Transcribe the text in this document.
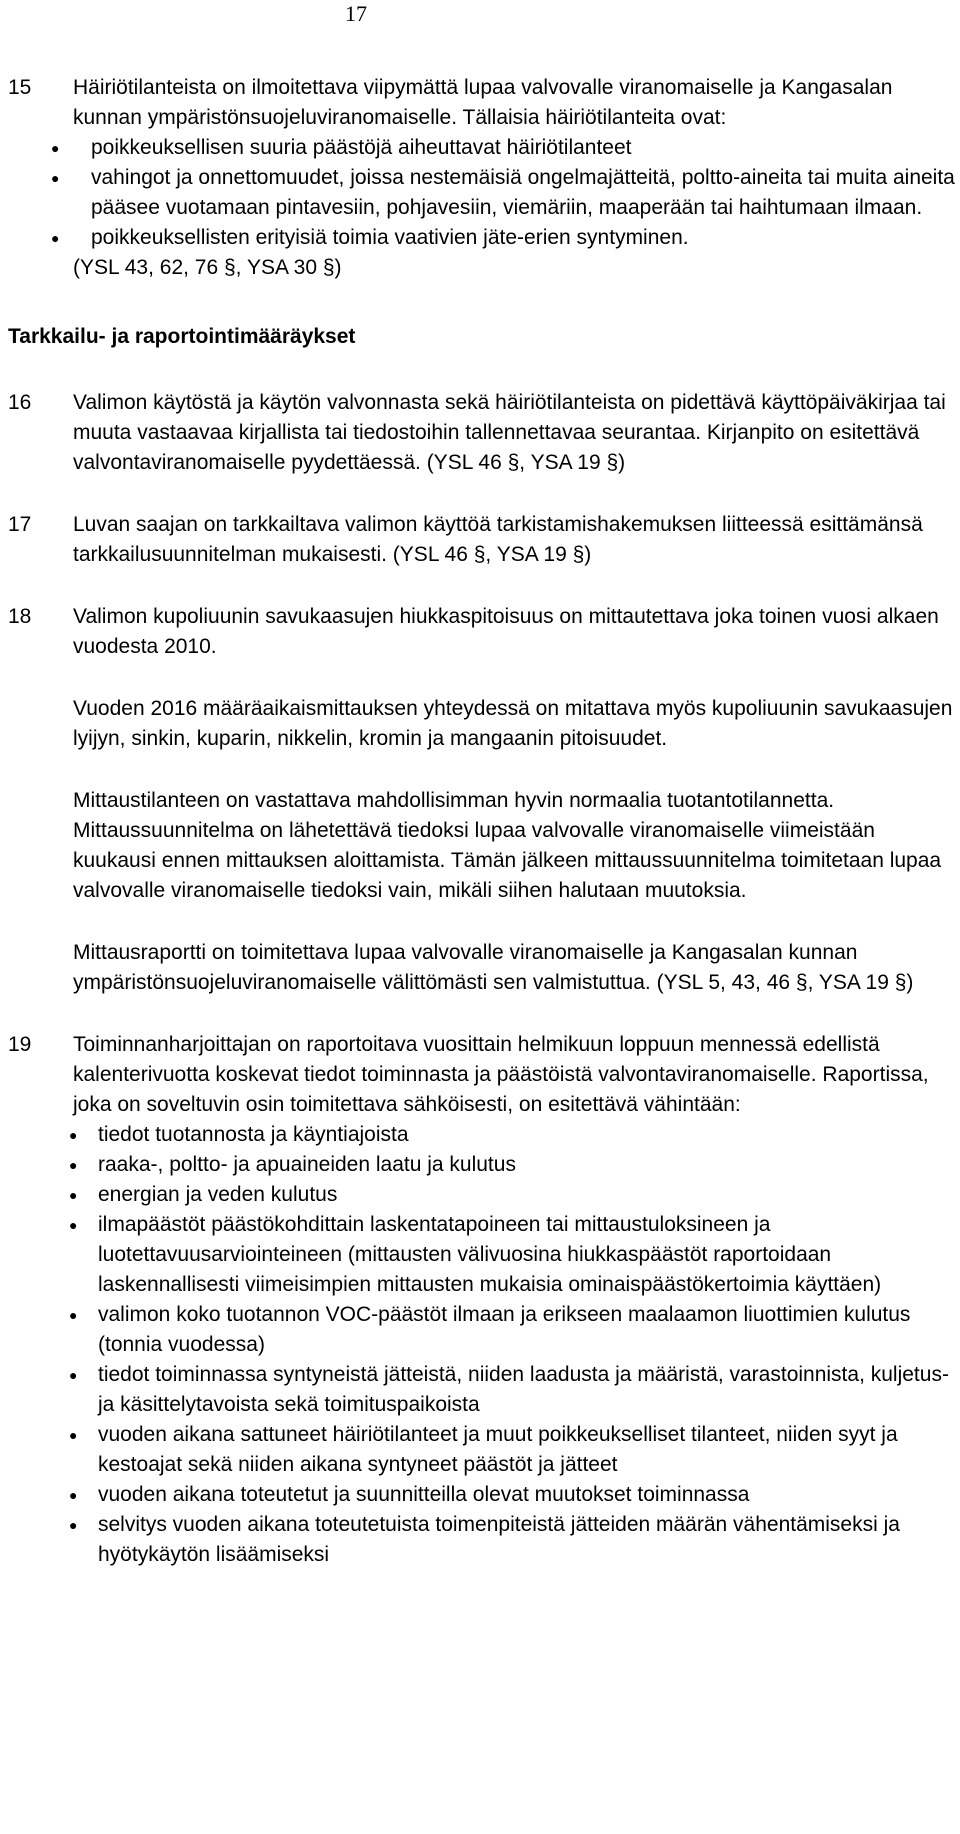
17
15 Häiriötilanteista on ilmoitettava viipymättä lupaa valvovalle viranomaiselle ja Kangasalan kunnan ympäristönsuojeluviranomaiselle. Tällaisia häiriötilanteita ovat:

● poikkeuksellisen suuria päästöjä aiheuttavat häiriötilanteet
● vahingot ja onnettomuudet, joissa nestemäisiä ongelmajätteitä, poltto-aineita tai muita aineita pääsee vuotamaan pintavesiin, pohjavesiin, viemäriin, maaperään tai haihtumaan ilmaan.
● poikkeuksellisten erityisiä toimia vaativien jäte-erien syntyminen.

(YSL 43, 62, 76 §, YSA 30 §)

Tarkkailu- ja raportointimääräykset

16 Valimon käytöstä ja käytön valvonnasta sekä häiriötilanteista on pidettävä käyttöpäiväkirjaa tai muuta vastaavaa kirjallista tai tiedostoihin tallennettavaa seurantaa. Kirjanpito on esitettävä valvontaviranomaiselle pyydettäessä. (YSL 46 §, YSA 19 §)

17 Luvan saajan on tarkkailtava valimon käyttöä tarkistamishakemuksen liitteessä esittämänsä tarkkailusuunnitelman mukaisesti. (YSL 46 §, YSA 19 §)

18 Valimon kupoliuunin savukaasujen hiukkaspitoisuus on mittautettava joka toinen vuosi alkaen vuodesta 2010.

Vuoden 2016 määräaikaismittauksen yhteydessä on mitattava myös kupoliuunin savukaasujen lyijyn, sinkin, kuparin, nikkelin, kromin ja mangaanin pitoisuudet.

Mittaustilanteen on vastattava mahdollisimman hyvin normaalia tuotantotilannetta. Mittaussuunnitelma on lähetettävä tiedoksi lupaa valvovalle viranomaiselle viimeistään kuukausi ennen mittauksen aloittamista. Tämän jälkeen mittaussuunnitelma toimitetaan lupaa valvovalle viranomaiselle tiedoksi vain, mikäli siihen halutaan muutoksia.

Mittausraportti on toimitettava lupaa valvovalle viranomaiselle ja Kangasalan kunnan ympäristönsuojeluviranomaiselle välittömästi sen valmistuttua. (YSL 5, 43, 46 §, YSA 19 §)

19 Toiminnanharjoittajan on raportoitava vuosittain helmikuun loppuun mennessä edellistä kalenterivuotta koskevat tiedot toiminnasta ja päästöistä valvontaviranomaiselle. Raportissa, joka on soveltuvin osin toimitettava sähköisesti, on esitettävä vähintään:

● tiedot tuotannosta ja käyntiajoista
● raaka-, poltto- ja apuaineiden laatu ja kulutus
● energian ja veden kulutus
● ilmapäästöt päästökohdittain laskentatapoineen tai mittaustuloksineen ja luotettavuusarviointeineen (mittausten välivuosina hiukkaspäästöt raportoidaan laskennallisesti viimeisimpien mittausten mukaisia ominaispäästökertoimia käyttäen)
● valimon koko tuotannon VOC-päästöt ilmaan ja erikseen maalaamon liuottimien kulutus (tonnia vuodessa)
● tiedot toiminnassa syntyneistä jätteistä, niiden laadusta ja määristä, varastoinnista, kuljetus- ja käsittelytavoista sekä toimituspaikoista
● vuoden aikana sattuneet häiriötilanteet ja muut poikkeukselliset tilanteet, niiden syyt ja kestoajat sekä niiden aikana syntyneet päästöt ja jätteet
● vuoden aikana toteutetut ja suunnitteilla olevat muutokset toiminnassa
● selvitys vuoden aikana toteutetuista toimenpiteistä jätteiden määrän vähentämiseksi ja hyötykäytön lisäämiseksi
